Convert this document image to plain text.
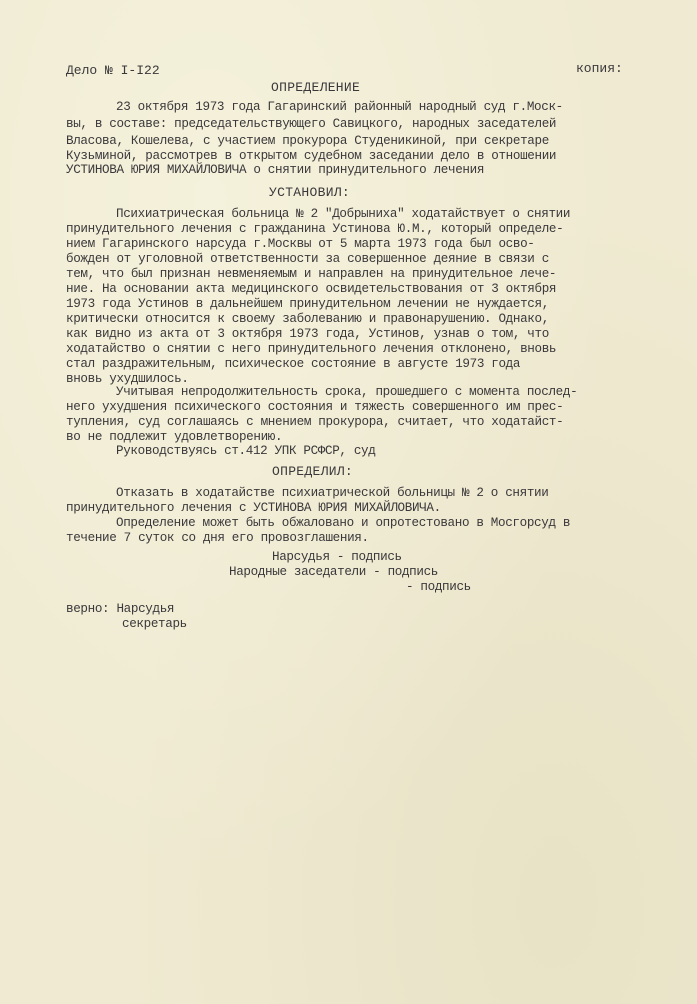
Дело № I-I22	копия:
ОПРЕДЕЛЕНИЕ
23 октября 1973 года Гагаринский районный народный суд г.Моск-
вы, в составе: председательствующего Савицкого, народных заседателей
Власова, Кошелева, с участием прокурора Студеникиной, при секретаре
Кузьминой, рассмотрев в открытом судебном заседании дело в отношении
УСТИНОВА ЮРИЯ МИХАЙЛОВИЧА о снятии принудительного лечения
УСТАНОВИЛ:
Психиатрическая больница № 2 "Добрыниха" ходатайствует о снятии
принудительного лечения с гражданина Устинова Ю.М., который определе-
нием Гагаринского нарсуда г.Москвы от 5 марта 1973 года был осво-
божден от уголовной ответственности за совершенное деяние в связи с
тем, что был признан невменяемым и направлен на принудительное лече-
ние. На основании акта медицинского освидетельствования от 3 октября
1973 года Устинов в дальнейшем принудительном лечении не нуждается,
критически относится к своему заболеванию и правонарушению. Однако,
как видно из акта от 3 октября 1973 года, Устинов, узнав о том, что
ходатайство о снятии с него принудительного лечения отклонено, вновь
стал раздражительным, психическое состояние в августе 1973 года
вновь ухудшилось.
Учитывая непродолжительность срока, прошедшего с момента послед-
него ухудшения психического состояния и тяжесть совершенного им прес-
тупления, суд соглашаясь с мнением прокурора, считает, что ходатайст-
во не подлежит удовлетворению.
Руководствуясь ст.412 УПК РСФСР, суд
ОПРЕДЕЛИЛ:
Отказать в ходатайстве психиатрической больницы № 2 о снятии
принудительного лечения с УСТИНОВА ЮРИЯ МИХАЙЛОВИЧА.
Определение может быть обжаловано и опротестовано в Мосгорсуд в
течение 7 суток со дня его провозглашения.
Нарсудья - подпись
Народные заседатели - подпись
- подпись
верно: Нарсудья
секретарь
